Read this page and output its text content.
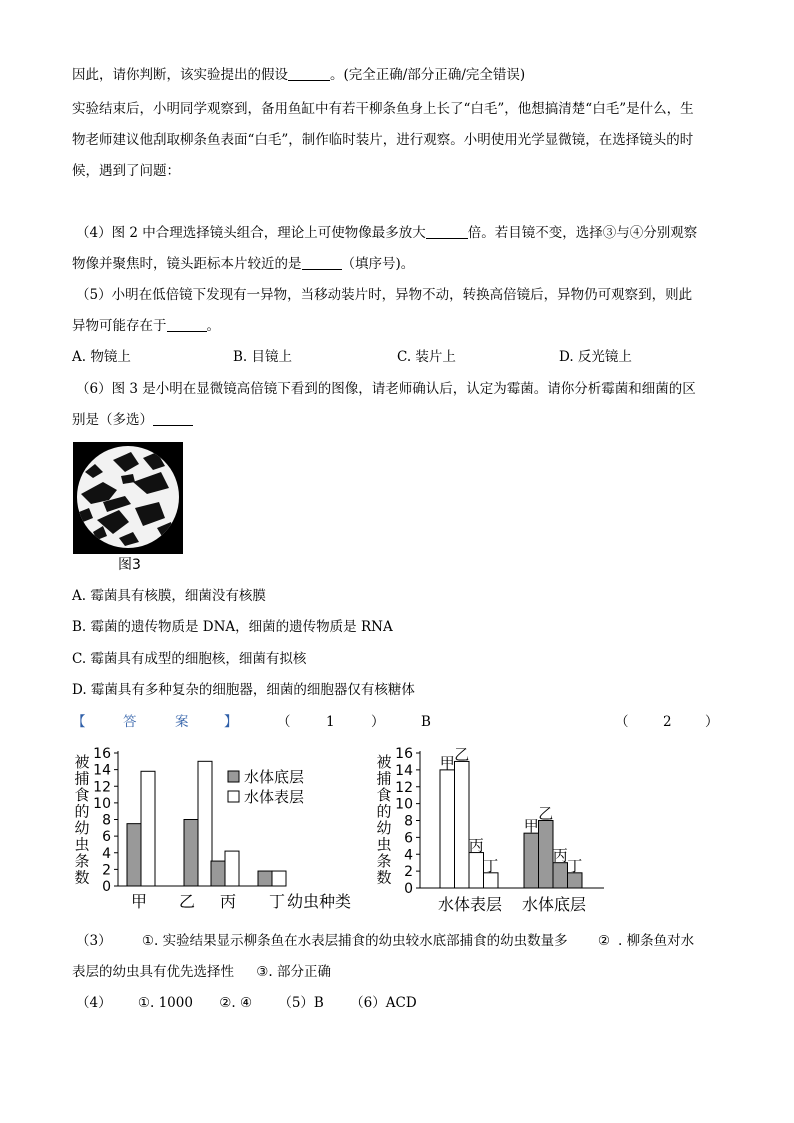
因此，请你判断，该实验提出的假设	。(完全正确/部分正确/完全错误)
实验结束后，小明同学观察到，备用鱼缸中有若干柳条鱼身上长了“白毛”，他想搞清楚“白毛”是什么，生
物老师建议他刮取柳条鱼表面“白毛”，制作临时装片，进行观察。小明使用光学显微镜，在选择镜头的时
候，遇到了问题：
（4）图 2 中合理选择镜头组合，理论上可使物像最多放大	倍。若目镜不变，选择③与④分别观察
物像并聚焦时，镜头距标本片较近的是	（填序号)。
（5）小明在低倍镜下发现有一异物，当移动装片时，异物不动，转换高倍镜后，异物仍可观察到，则此
异物可能存在于	。
A. 物镜上	B. 目镜上	C. 装片上	D. 反光镜上
（6）图 3 是小明在显微镜高倍镜下看到的图像，请老师确认后，认定为霉菌。请你分析霉菌和细菌的区
别是（多选）
图3
A. 霉菌具有核膜，细菌没有核膜
B. 霉菌的遗传物质是 DNA，细菌的遗传物质是 RNA
C. 霉菌具有成型的细胞核，细菌有拟核
D. 霉菌具有多种复杂的细胞器，细菌的细胞器仅有核糖体
【	答	案	】	（	1	）	B	（	2 ）
被
捕
食
的
幼
虫
条
数
0
2
4
6
8
10
12
14
16
甲 乙 丙 丁 幼虫种类
水体底层
水体表层
被
捕
食
的
幼
虫
条
数
0
2
4
6
8
10
12
14
16 甲 乙
丙
丁
甲
乙
丙
丁
水体表层 水体底层
（3） ①. 实验结果显示柳条鱼在水表层捕食的幼虫较水底部捕食的幼虫数量多 ② . 柳条鱼对水
表层的幼虫具有优先选择性 ③. 部分正确
（4） ①. 1000 ②. ④ （5）B （6）ACD
